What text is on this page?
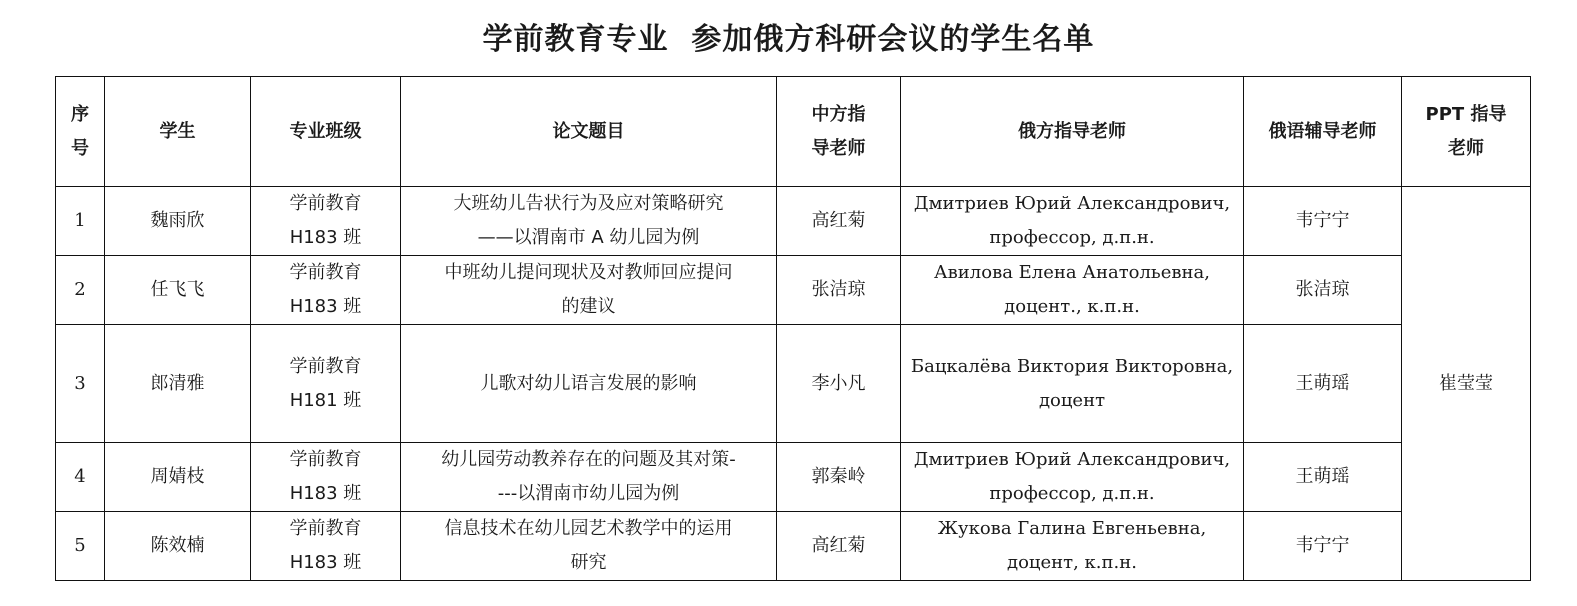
学前教育专业  参加俄方科研会议的学生名单
序
号	学生	专业班级	论文题目	中方指
导老师	俄方指导老师	俄语辅导老师	PPT 指导
老师

1	魏雨欣	学前教育
H183 班	大班幼儿告状行为及应对策略研究
——以渭南市 A 幼儿园为例	高红菊	Дмитриев Юрий Александрович,
профессор, д.п.н.	韦宁宁	崔莹莹
2	任飞飞	学前教育
H183 班	中班幼儿提问现状及对教师回应提问
的建议	张洁琼	Авилова Елена Анатольевна,
доцент., к.п.н.	张洁琼	
3	郎清雅	学前教育
H181 班	儿歌对幼儿语言发展的影响	李小凡	Бацкалёва Виктория Викторовна,
доцент	王萌瑶	
4	周婧枝	学前教育
H183 班	幼儿园劳动教养存在的问题及其对策-
---以渭南市幼儿园为例	郭秦岭	Дмитриев Юрий Александрович,
профессор, д.п.н.	王萌瑶	
5	陈效楠	学前教育
H183 班	信息技术在幼儿园艺术教学中的运用
研究	高红菊	Жукова Галина Евгеньевна,
доцент, к.п.н.	韦宁宁	
